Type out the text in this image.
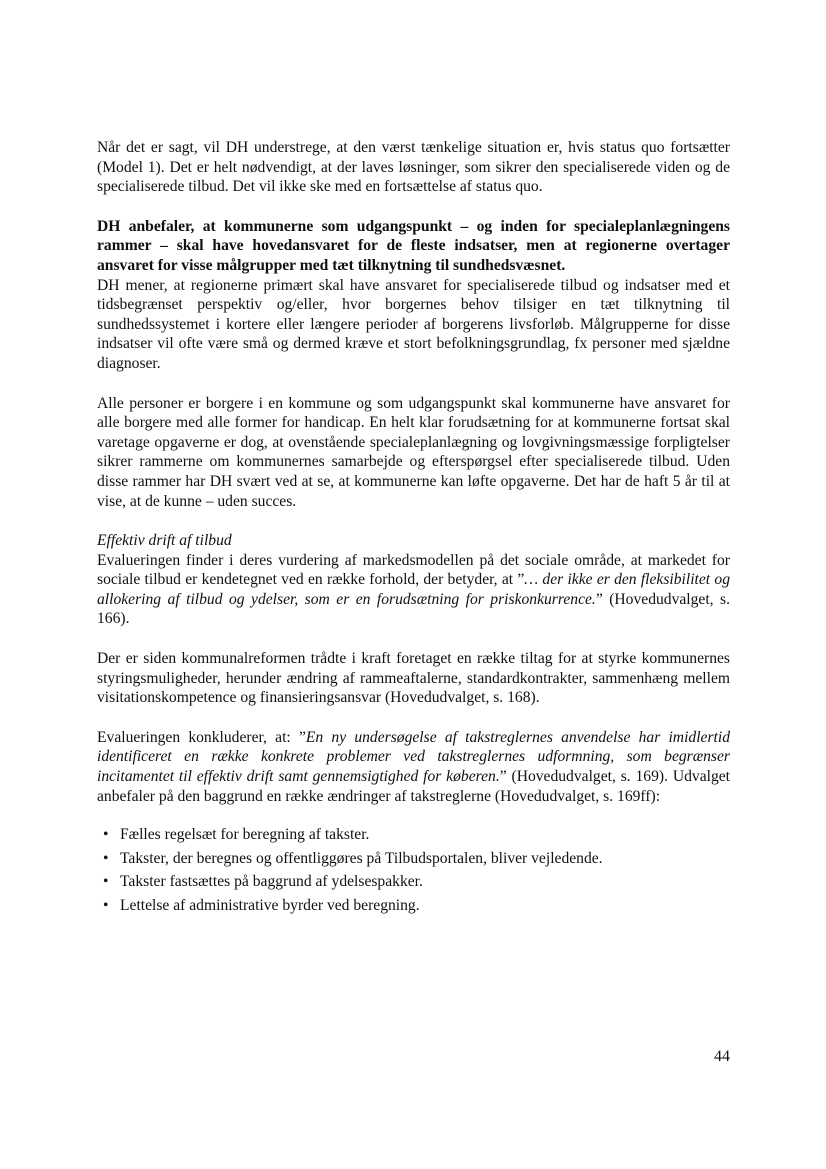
Når det er sagt, vil DH understrege, at den værst tænkelige situation er, hvis status quo fortsætter (Model 1). Det er helt nødvendigt, at der laves løsninger, som sikrer den specialiserede viden og de specialiserede tilbud. Det vil ikke ske med en fortsættelse af status quo.

DH anbefaler, at kommunerne som udgangspunkt – og inden for specialeplanlægningens rammer – skal have hovedansvaret for de fleste indsatser, men at regionerne overtager ansvaret for visse målgrupper med tæt tilknytning til sundhedsvæsnet.

DH mener, at regionerne primært skal have ansvaret for specialiserede tilbud og indsatser med et tidsbegrænset perspektiv og/eller, hvor borgernes behov tilsiger en tæt tilknytning til sundhedssystemet i kortere eller længere perioder af borgerens livsforløb. Målgrupperne for disse indsatser vil ofte være små og dermed kræve et stort befolkningsgrundlag, fx personer med sjældne diagnoser.

Alle personer er borgere i en kommune og som udgangspunkt skal kommunerne have ansvaret for alle borgere med alle former for handicap. En helt klar forudsætning for at kommunerne fortsat skal varetage opgaverne er dog, at ovenstående specialeplanlægning og lovgivningsmæssige forpligtelser sikrer rammerne om kommunernes samarbejde og efterspørgsel efter specialiserede tilbud. Uden disse rammer har DH svært ved at se, at kommunerne kan løfte opgaverne. Det har de haft 5 år til at vise, at de kunne – uden succes.

Effektiv drift af tilbud

Evalueringen finder i deres vurdering af markedsmodellen på det sociale område, at markedet for sociale tilbud er kendetegnet ved en række forhold, der betyder, at ”… der ikke er den fleksibilitet og allokering af tilbud og ydelser, som er en forudsætning for priskonkurrence.” (Hovedudvalget, s. 166).

Der er siden kommunalreformen trådte i kraft foretaget en række tiltag for at styrke kommunernes styringsmuligheder, herunder ændring af rammeaftalerne, standardkontrakter, sammenhæng mellem visitationskompetence og finansieringsansvar (Hovedudvalget, s. 168).

Evalueringen konkluderer, at: ”En ny undersøgelse af takstreglernes anvendelse har imidlertid identificeret en række konkrete problemer ved takstreglernes udformning, som begrænser incitamentet til effektiv drift samt gennemsigtighed for køberen.” (Hovedudvalget, s. 169). Udvalget anbefaler på den baggrund en række ændringer af takstreglerne (Hovedudvalget, s. 169ff):

• Fælles regelsæt for beregning af takster.
• Takster, der beregnes og offentliggøres på Tilbudsportalen, bliver vejledende.
• Takster fastsættes på baggrund af ydelsespakker.
• Lettelse af administrative byrder ved beregning.
44
